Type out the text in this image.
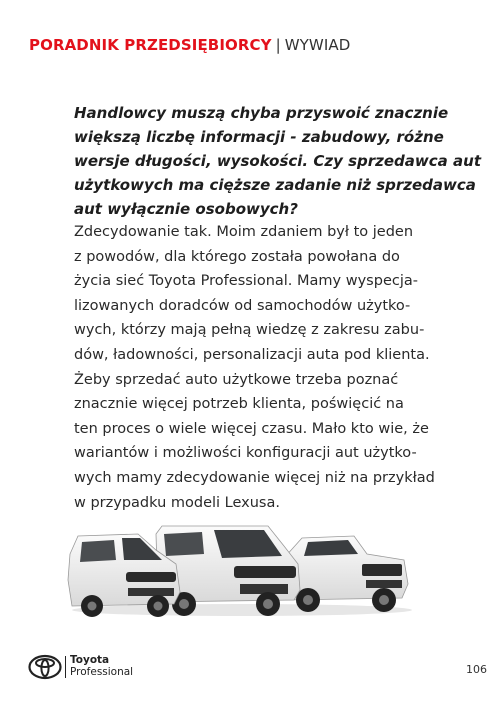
PORADNIK PRZEDSIĘBIORCY | WYWIAD
Handlowcy muszą chyba przyswoić znacznie
większą liczbę informacji - zabudowy, różne
wersje długości, wysokości. Czy sprzedawca aut
użytkowych ma cięższe zadanie niż sprzedawca
aut wyłącznie osobowych?
Zdecydowanie tak. Moim zdaniem był to jeden
z powodów, dla którego została powołana do
życia sieć Toyota Professional. Mamy wyspecja-
lizowanych doradców od samochodów użytko-
wych, którzy mają pełną wiedzę z zakresu zabu-
dów, ładowności, personalizacji auta pod klienta.
Żeby sprzedać auto użytkowe trzeba poznać
znacznie więcej potrzeb klienta, poświęcić na
ten proces o wiele więcej czasu. Mało kto wie, że
wariantów i możliwości konfiguracji aut użytko-
wych mamy zdecydowanie więcej niż na przykład
w przypadku modeli Lexusa.
Toyota
Professional	106
